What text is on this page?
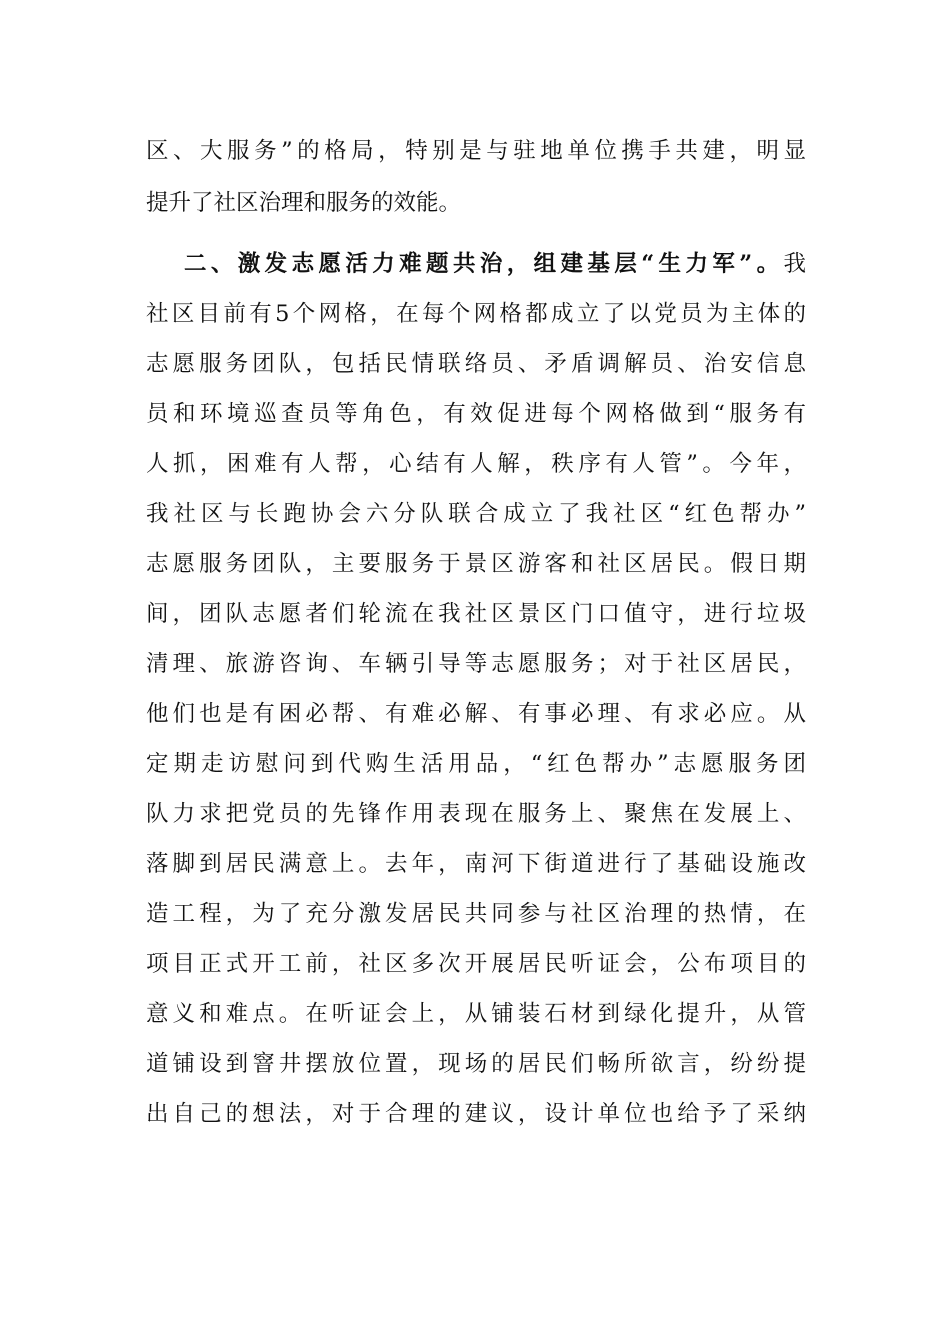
区、大服务”的格局，特别是与驻地单位携手共建，明显
提升了社区治理和服务的效能。
二、激发志愿活力难题共治，组建基层“生力军”。我
社区目前有5个网格，在每个网格都成立了以党员为主体的
志愿服务团队，包括民情联络员、矛盾调解员、治安信息
员和环境巡查员等角色，有效促进每个网格做到“服务有
人抓，困难有人帮，心结有人解，秩序有人管”。今年，
我社区与长跑协会六分队联合成立了我社区“红色帮办”
志愿服务团队，主要服务于景区游客和社区居民。假日期
间，团队志愿者们轮流在我社区景区门口值守，进行垃圾
清理、旅游咨询、车辆引导等志愿服务；对于社区居民，
他们也是有困必帮、有难必解、有事必理、有求必应。从
定期走访慰问到代购生活用品，“红色帮办”志愿服务团
队力求把党员的先锋作用表现在服务上、聚焦在发展上、
落脚到居民满意上。去年，南河下街道进行了基础设施改
造工程，为了充分激发居民共同参与社区治理的热情，在
项目正式开工前，社区多次开展居民听证会，公布项目的
意义和难点。在听证会上，从铺装石材到绿化提升，从管
道铺设到窨井摆放位置，现场的居民们畅所欲言，纷纷提
出自己的想法，对于合理的建议，设计单位也给予了采纳
